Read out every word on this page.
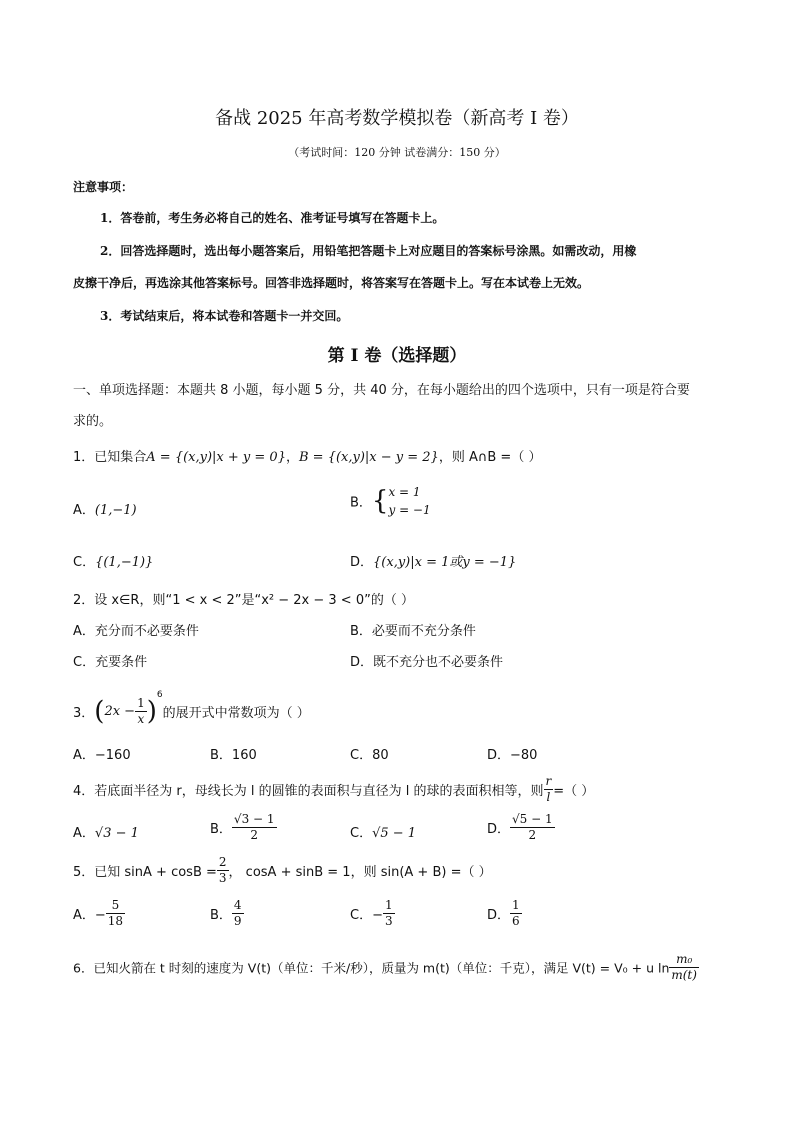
备战 2025 年高考数学模拟卷（新高考 I 卷）
（考试时间：120 分钟 试卷满分：150 分）
注意事项：
1．答卷前，考生务必将自己的姓名、准考证号填写在答题卡上。
2．回答选择题时，选出每小题答案后，用铅笔把答题卡上对应题目的答案标号涂黑。如需改动，用橡
皮擦干净后，再选涂其他答案标号。回答非选择题时，将答案写在答题卡上。写在本试卷上无效。
3．考试结束后，将本试卷和答题卡一并交回。
第 I 卷（选择题）
一、单项选择题：本题共 8 小题，每小题 5 分，共 40 分，在每小题给出的四个选项中，只有一项是符合要
求的。
1．已知集合A = {(x,y)|x + y = 0}，B = {(x,y)|x − y = 2}，则 A∩B =（ ）
A．(1,−1)	B．{ x = 1
y = −1
C．{(1,−1)}	D．{(x,y)|x = 1或y = −1}
2．设 x∈R，则“1 < x < 2”是“x² − 2x − 3 < 0”的（ ）
A．充分而不必要条件	B．必要而不充分条件
C．充要条件	D．既不充分也不必要条件
3．$(2x - \frac{1}{x} )^6$的展开式中常数项为（ ）
A．−160	B．160	C．80	D．−80
4．若底面半径为 r，母线长为 l 的圆锥的表面积与直径为 l 的球的表面积相等，则 $\frac{r}{l}$ =（ ）
A．√3 − 1	B． $\frac{√3 - 1}{2}$	C．√5 − 1	D． $\frac{√5 - 1}{2}$
5．已知 $\sin A + \cos B = \frac{2}{3}$ ， cosA + sinB = 1，则 sin(A + B) =（ ）
A．− $\frac{5}{18}$	B． $\frac{4}{9}$	C．− $\frac{1}{3}$	D． $\frac{1}{6}$
6．已知火箭在 t 时刻的速度为 V(t)（单位：千米/秒），质量为 m(t)（单位：千克），满足 V(t) = V₀ + u $\ln \frac{\text{m₀}}{m(t)}$
